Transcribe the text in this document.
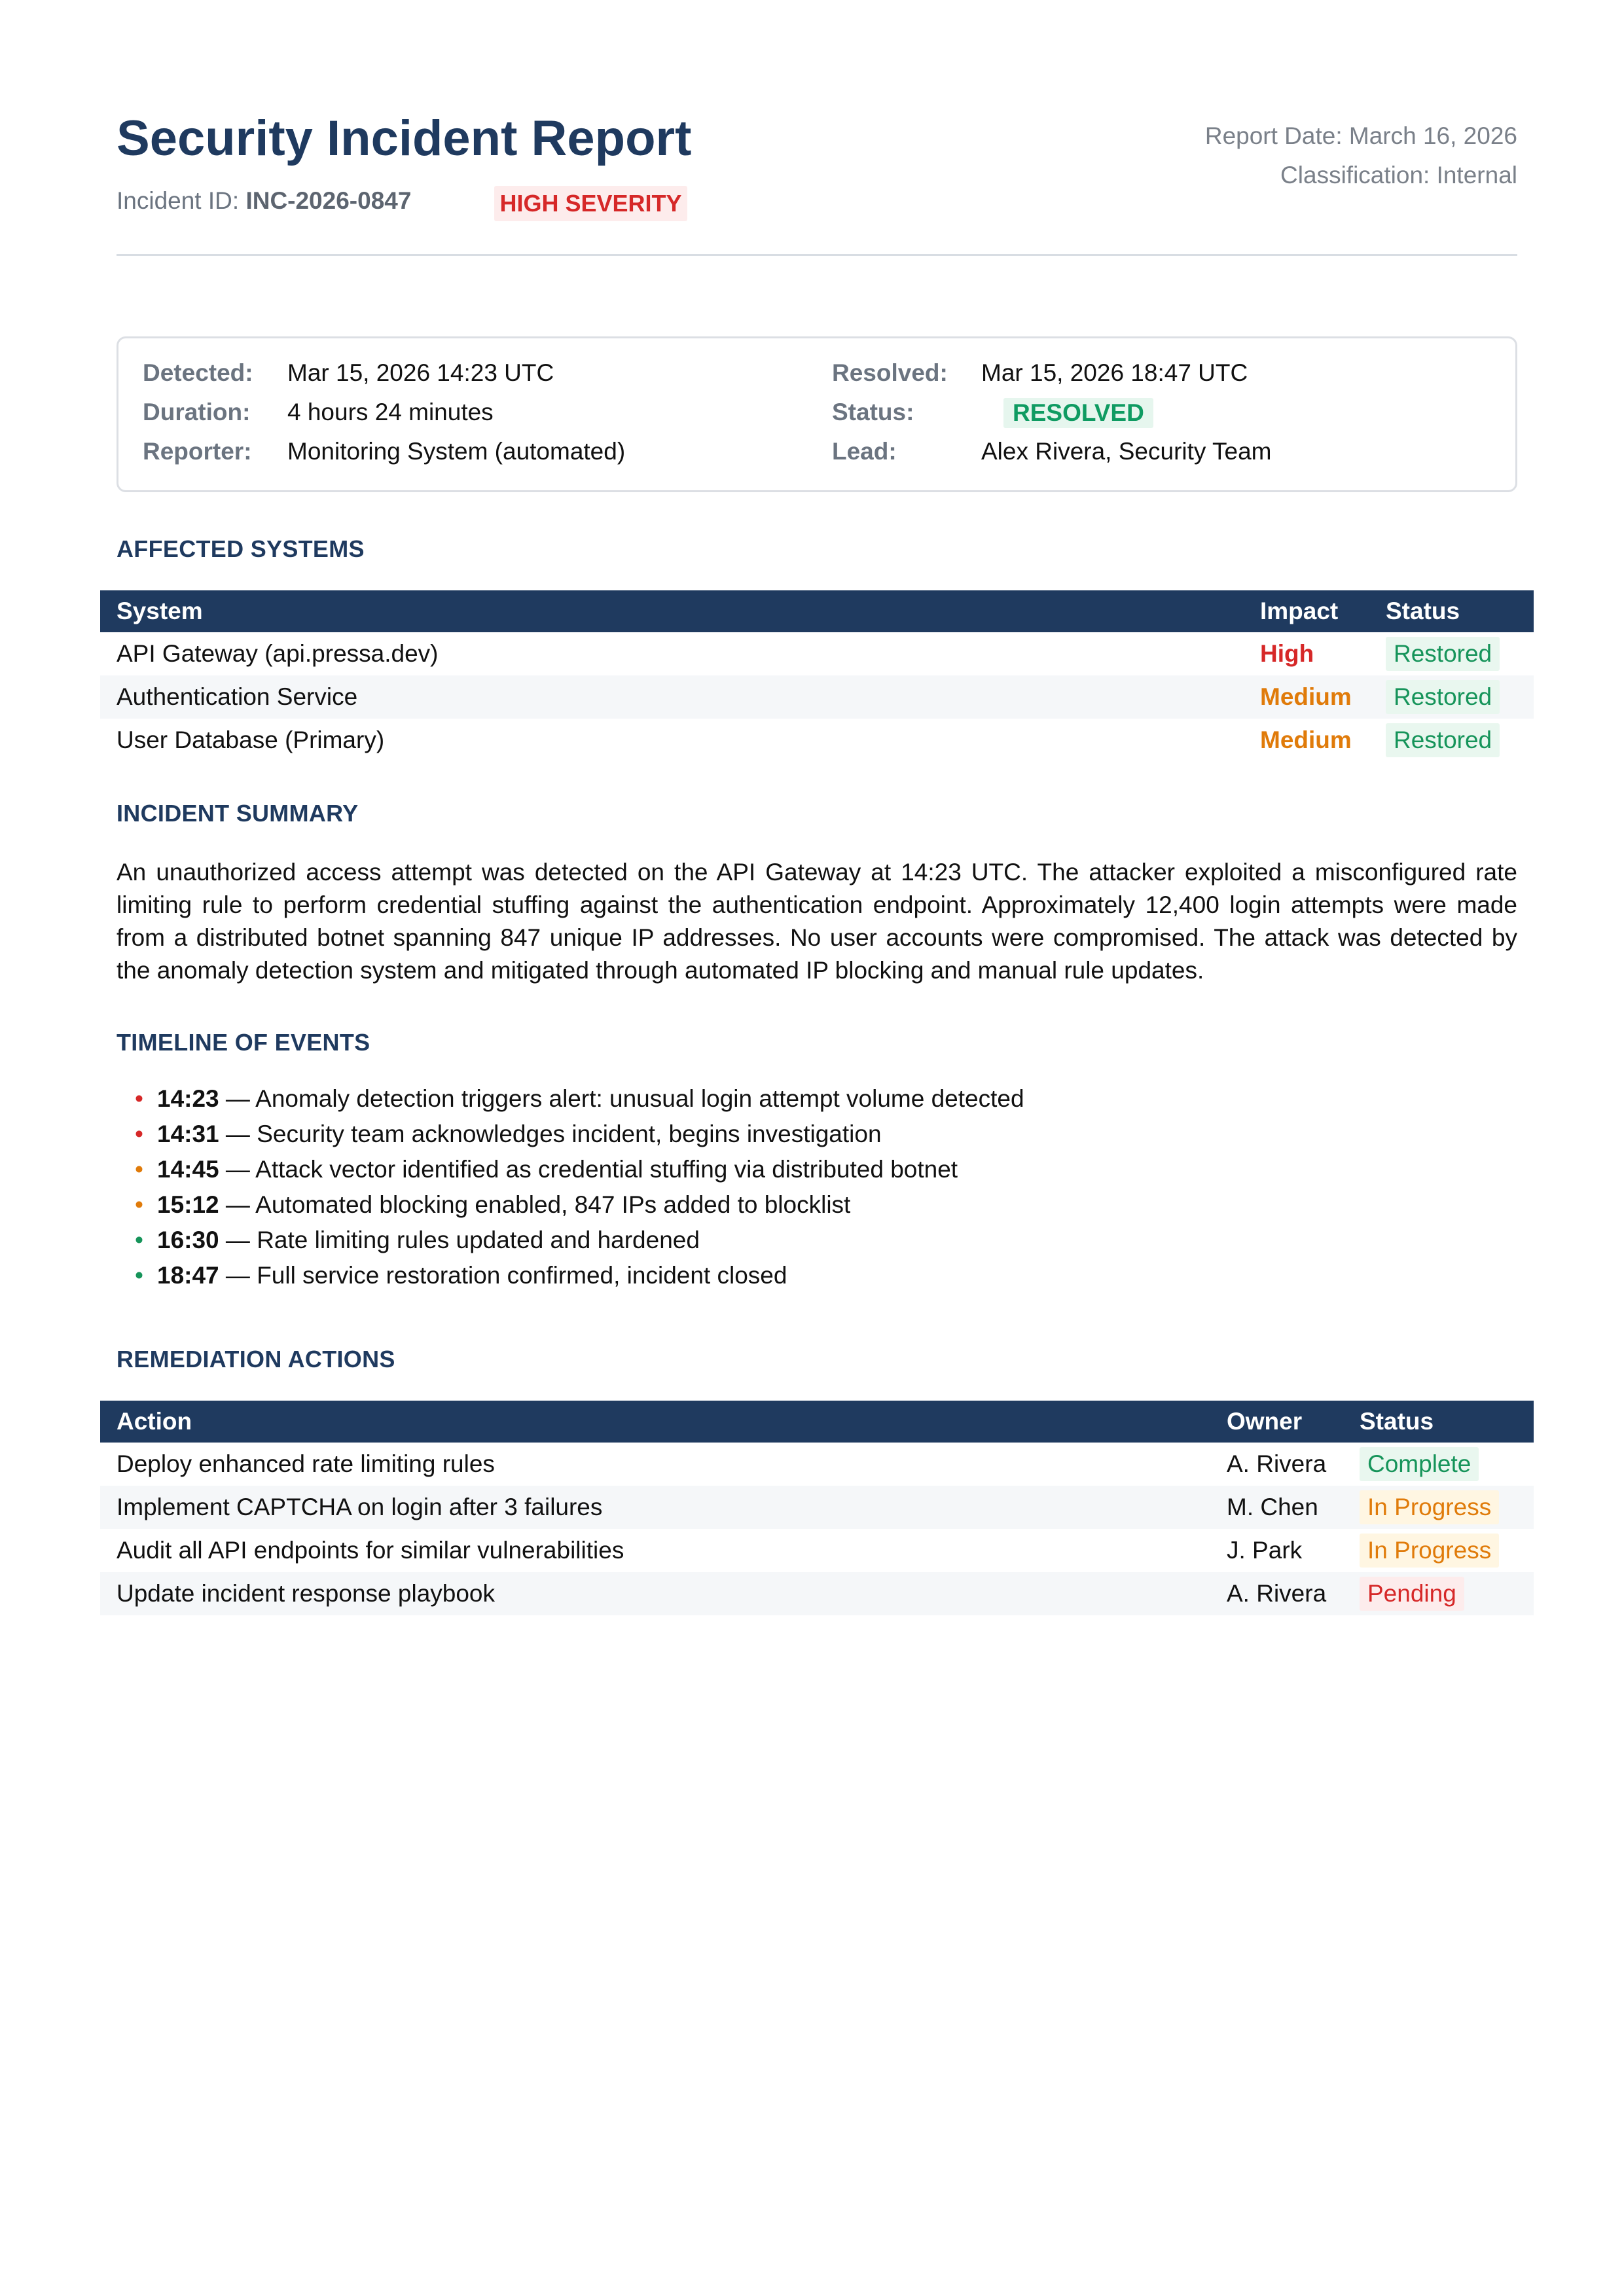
Security Incident Report
Incident ID: INC-2026-0847	HIGH SEVERITY
Report Date: March 16, 2026
Classification: Internal
Detected: Mar 15, 2026 14:23 UTC	Resolved: Mar 15, 2026 18:47 UTC
Duration: 4 hours 24 minutes	Status:	RESOLVED
Reporter: Monitoring System (automated)	Lead:	Alex Rivera, Security Team
AFFECTED SYSTEMS
System	Impact	Status
API Gateway (api.pressa.dev)	High	Restored
Authentication Service	Medium	Restored
User Database (Primary)	Medium	Restored
INCIDENT SUMMARY

An unauthorized access attempt was detected on the API Gateway at 14:23 UTC. The attacker exploited a misconfigured rate limiting rule to perform credential stuffing against the authentication endpoint. Approximately 12,400 login attempts were made from a distributed botnet spanning 847 unique IP addresses. No user accounts were compromised. The attack was detected by the anomaly detection system and mitigated through automated IP blocking and manual rule updates.

TIMELINE OF EVENTS
• 14:23 — Anomaly detection triggers alert: unusual login attempt volume detected
• 14:31 — Security team acknowledges incident, begins investigation
• 14:45 — Attack vector identified as credential stuffing via distributed botnet
• 15:12 — Automated blocking enabled, 847 IPs added to blocklist
• 16:30 — Rate limiting rules updated and hardened
• 18:47 — Full service restoration confirmed, incident closed
REMEDIATION ACTIONS
Action	Owner	Status
Deploy enhanced rate limiting rules	A. Rivera	Complete
Implement CAPTCHA on login after 3 failures	M. Chen	In Progress
Audit all API endpoints for similar vulnerabilities	J. Park	In Progress
Update incident response playbook	A. Rivera	Pending
